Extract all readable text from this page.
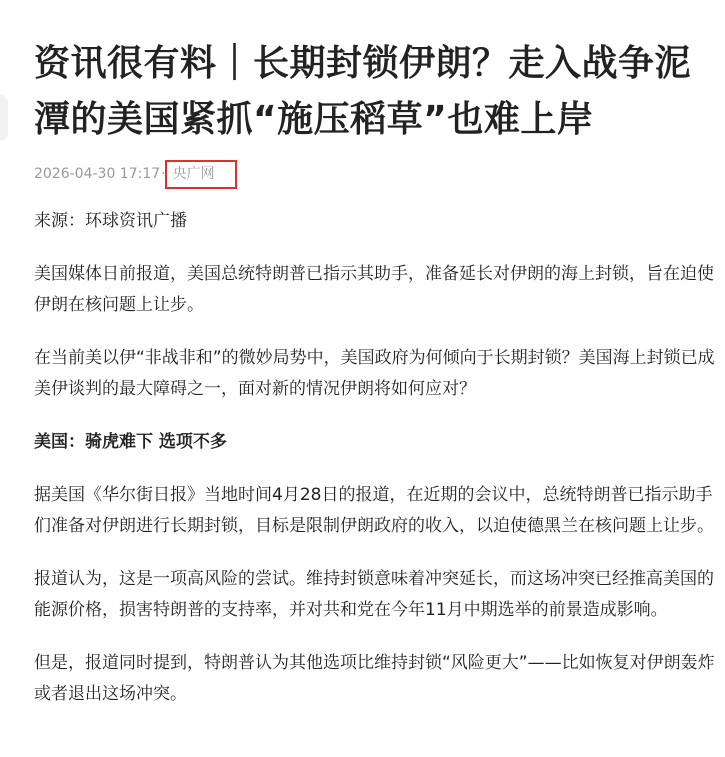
资讯很有料｜长期封锁伊朗？走入战争泥潭的美国紧抓“施压稻草”也难上岸
2026-04-30 17:17 · 央广网

来源：环球资讯广播

美国媒体日前报道，美国总统特朗普已指示其助手，准备延长对伊朗的海上封锁，旨在迫使伊朗在核问题上让步。

在当前美以伊“非战非和”的微妙局势中，美国政府为何倾向于长期封锁？美国海上封锁已成美伊谈判的最大障碍之一，面对新的情况伊朗将如何应对？

美国：骑虎难下 选项不多

据美国《华尔街日报》当地时间4月28日的报道，在近期的会议中，总统特朗普已指示助手们准备对伊朗进行长期封锁，目标是限制伊朗政府的收入，以迫使德黑兰在核问题上让步。

报道认为，这是一项高风险的尝试。维持封锁意味着冲突延长，而这场冲突已经推高美国的能源价格，损害特朗普的支持率，并对共和党在今年11月中期选举的前景造成影响。

但是，报道同时提到，特朗普认为其他选项比维持封锁“风险更大”——比如恢复对伊朗轰炸或者退出这场冲突。
